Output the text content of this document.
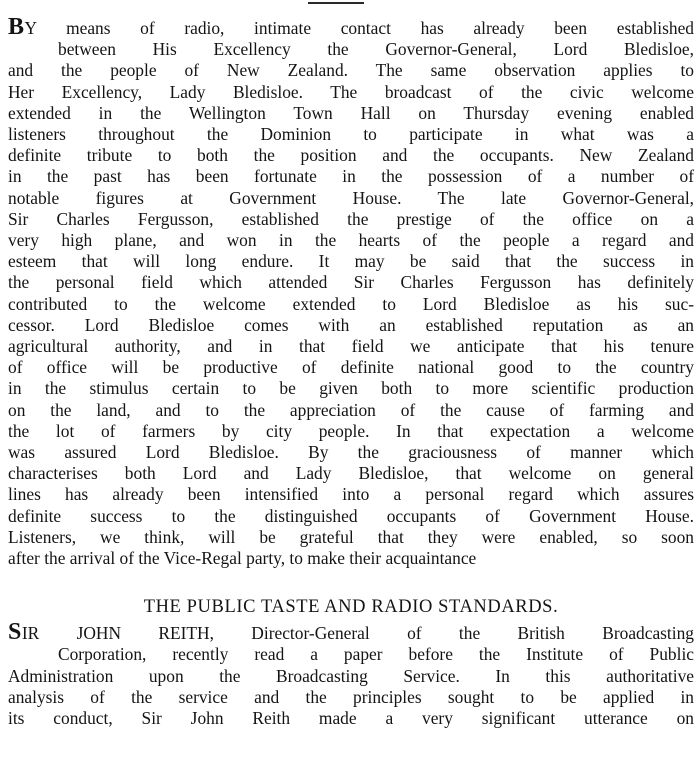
BY means of radio, intimate contact has already been established
between His Excellency the Governor-General, Lord Bledisloe,
and the people of New Zealand. The same observation applies to
Her Excellency, Lady Bledisloe. The broadcast of the civic welcome
extended in the Wellington Town Hall on Thursday evening enabled
listeners throughout the Dominion to participate in what was a
definite tribute to both the position and the occupants. New Zealand
in the past has been fortunate in the possession of a number of
notable figures at Government House. The late Governor-General,
Sir Charles Fergusson, established the prestige of the office on a
very high plane, and won in the hearts of the people a regard and
esteem that will long endure. It may be said that the success in
the personal field which attended Sir Charles Fergusson has definitely
contributed to the welcome extended to Lord Bledisloe as his suc-
cessor. Lord Bledisloe comes with an established reputation as an
agricultural authority, and in that field we anticipate that his tenure
of office will be productive of definite national good to the country
in the stimulus certain to be given both to more scientific production
on the land, and to the appreciation of the cause of farming and
the lot of farmers by city people. In that expectation a welcome
was assured Lord Bledisloe. By the graciousness of manner which
characterises both Lord and Lady Bledisloe, that welcome on general
lines has already been intensified into a personal regard which assures
definite success to the distinguished occupants of Government House.
Listeners, we think, will be grateful that they were enabled, so soon
after the arrival of the Vice-Regal party, to make their acquaintance
THE PUBLIC TASTE AND RADIO STANDARDS.
SIR JOHN REITH, Director-General of the British Broadcasting
Corporation, recently read a paper before the Institute of Public
Administration upon the Broadcasting Service. In this authoritative
analysis of the service and the principles sought to be applied in
its conduct, Sir John Reith made a very significant utterance on
